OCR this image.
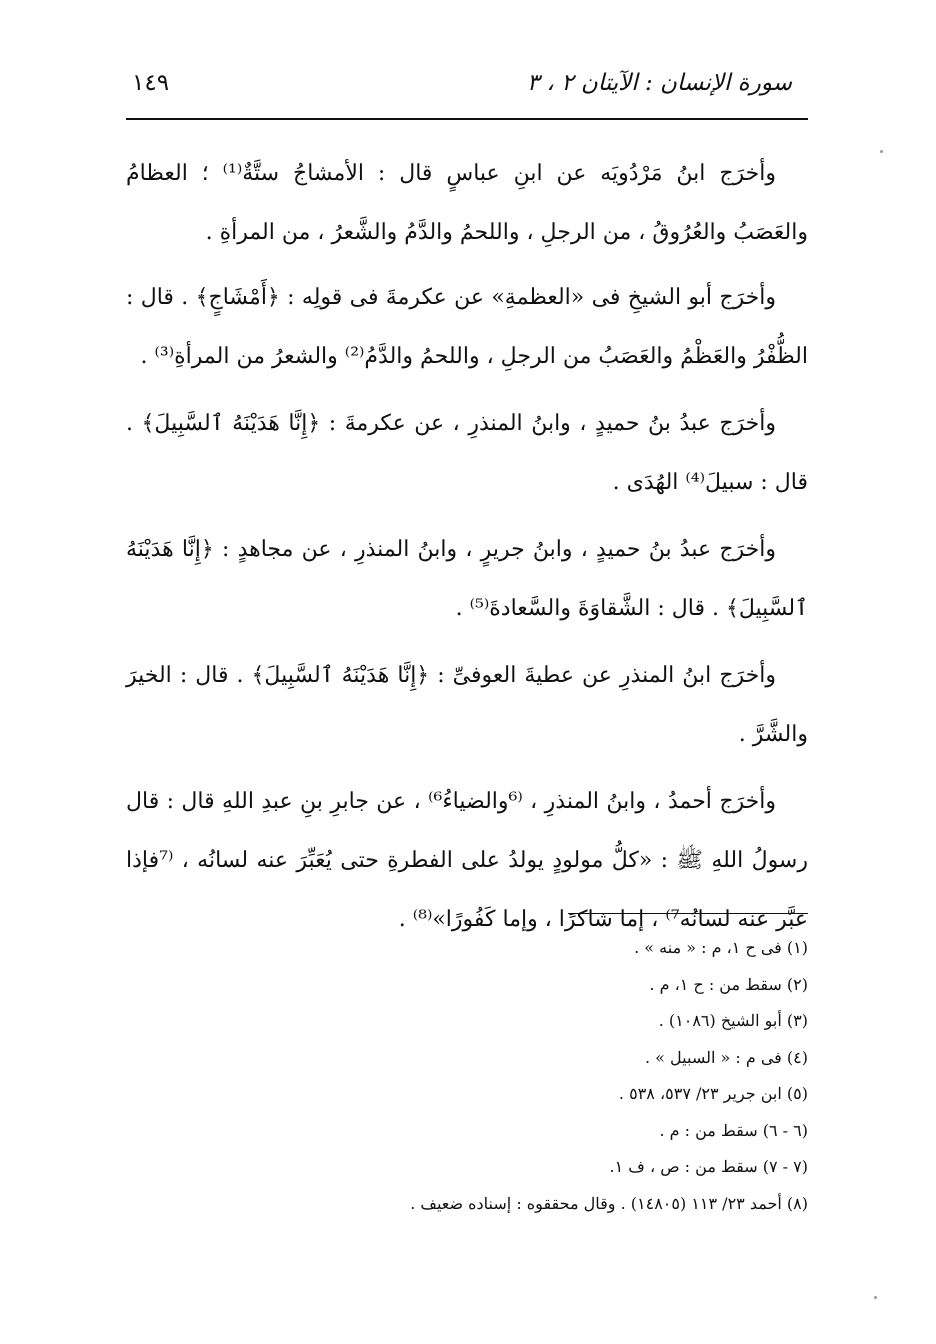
سورة الإنسان : الآيتان ٢ ، ٣
١٤٩

وأخرَج ابنُ مَرْدُويَه عن ابنِ عباسٍ قال : الأمشاجُ ستَّةٌ⁽¹⁾ ؛ العظامُ والعَصَبُ والعُرُوقُ ، من الرجلِ ، واللحمُ والدَّمُ والشَّعرُ ، من المرأةِ .

وأخرَج أبو الشيخِ فى «العظمةِ» عن عكرمةَ فى قولِه : ﴿أَمْشَاجٍ﴾ . قال : الظُّفْرُ والعَظْمُ والعَصَبُ من الرجلِ ، واللحمُ والدَّمُ⁽²⁾ والشعرُ من المرأةِ⁽³⁾ .

وأخرَج عبدُ بنُ حميدٍ ، وابنُ المنذرِ ، عن عكرمةَ : ﴿إِنَّا هَدَيْنَهُ ٱلسَّبِيلَ﴾ . قال : سبيلَ⁽⁴⁾ الهُدَى .

وأخرَج عبدُ بنُ حميدٍ ، وابنُ جريرٍ ، وابنُ المنذرِ ، عن مجاهدٍ : ﴿إِنَّا هَدَيْنَهُ ٱلسَّبِيلَ﴾ . قال : الشَّقاوَةَ والسَّعادةَ⁽⁵⁾ .

وأخرَج ابنُ المنذرِ عن عطيةَ العوفىِّ : ﴿إِنَّا هَدَيْنَهُ ٱلسَّبِيلَ﴾ . قال : الخيرَ والشَّرَّ .

وأخرَج أحمدُ ، وابنُ المنذرِ ، ⁽⁶والضياءُ⁶⁾ ، عن جابرِ بنِ عبدِ اللهِ قال : قال رسولُ اللهِ ﷺ : «كلُّ مولودٍ يولدُ على الفطرةِ حتى يُعَبِّرَ عنه لسانُه ، ⁽⁷فإذا عبَّر عنه لسانُه⁷⁾ ، إما شاكرًا ، وإما كَفُورًا»⁽⁸⁾ .

(١) فى ح ١، م : « منه » .
(٢) سقط من : ح ١، م .
(٣) أبو الشيخ (١٠٨٦) .
(٤) فى م : « السبيل » .
(٥) ابن جرير ٢٣/ ٥٣٧، ٥٣٨ .
(٦ - ٦) سقط من : م .
(٧ - ٧) سقط من : ص ، ف ١.
(٨) أحمد ٢٣/ ١١٣ (١٤٨٠٥) . وقال محققوه : إسناده ضعيف .
